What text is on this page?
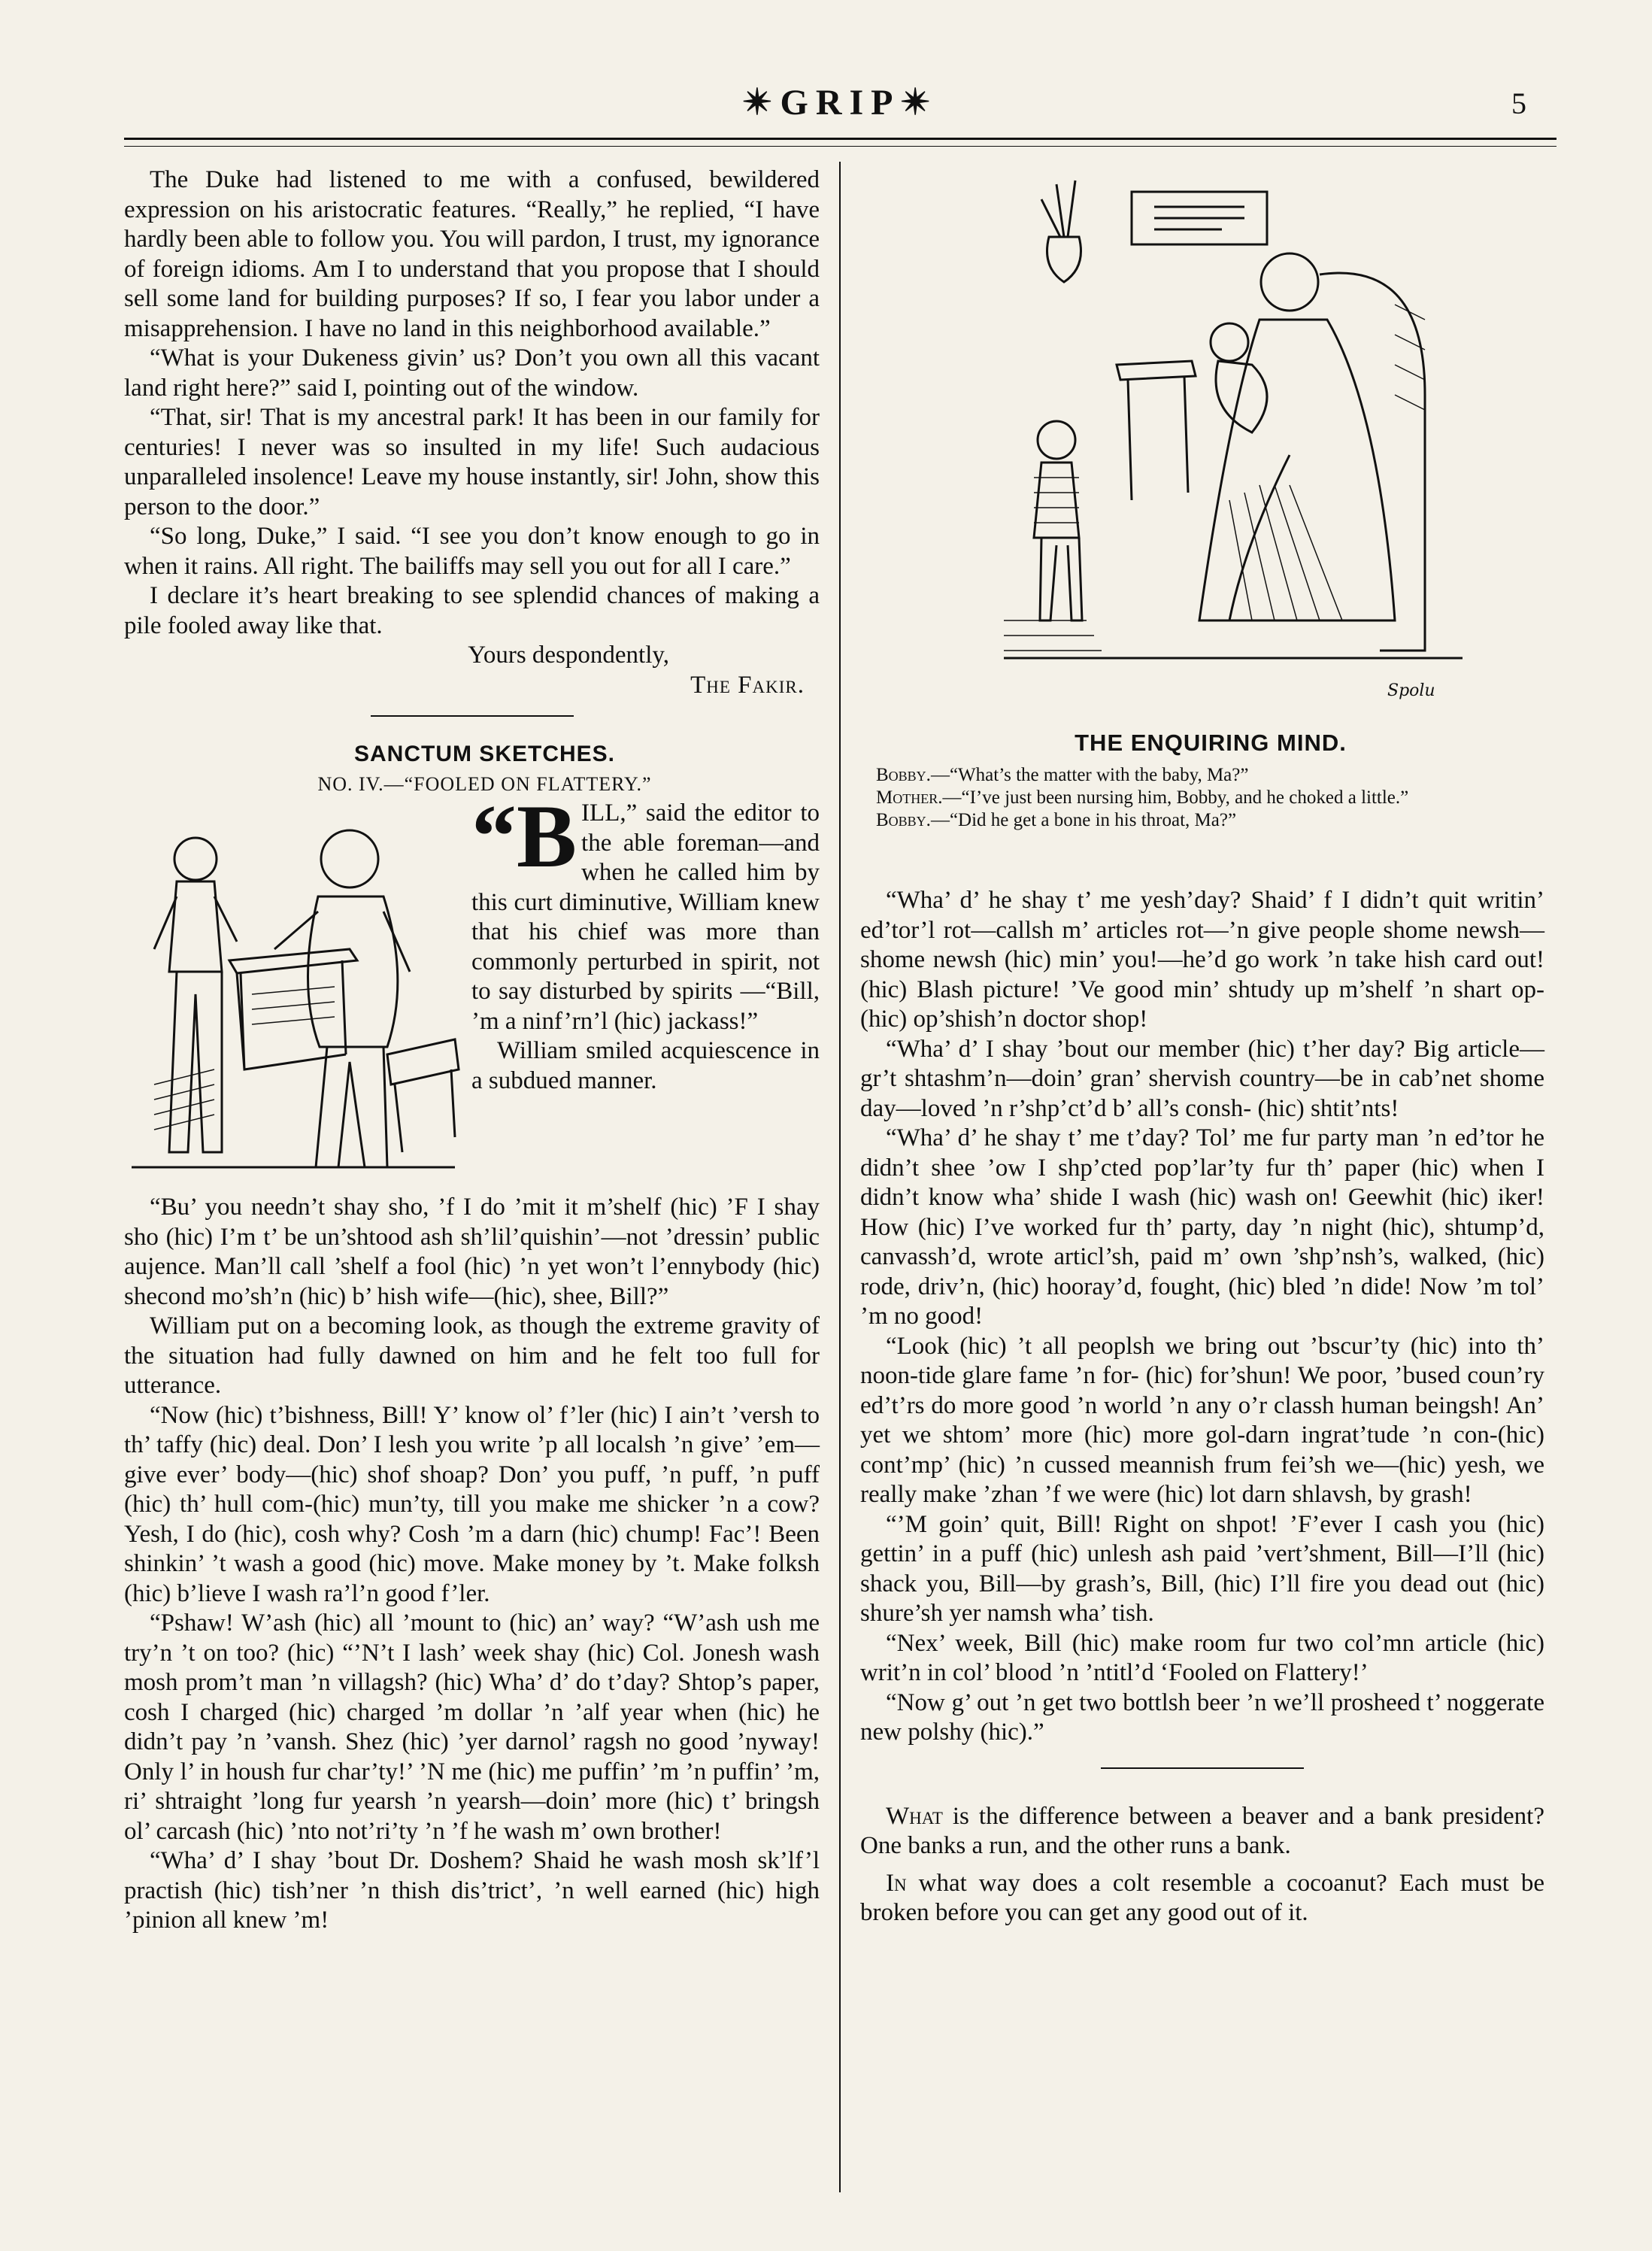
✴GRIP✴	5

The Duke had listened to me with a confused, bewildered expression on his aristocratic features. “Really,” he replied, “I have hardly been able to follow you. You will pardon, I trust, my ignorance of foreign idioms. Am I to understand that you propose that I should sell some land for building purposes? If so, I fear you labor under a misapprehension. I have no land in this neighborhood available.”

“What is your Dukeness givin’ us? Don’t you own all this vacant land right here?” said I, pointing out of the window.

“That, sir! That is my ancestral park! It has been in our family for centuries! I never was so insulted in my life! Such audacious unparalleled insolence! Leave my house instantly, sir! John, show this person to the door.”

“So long, Duke,” I said. “I see you don’t know enough to go in when it rains. All right. The bailiffs may sell you out for all I care.”

I declare it’s heart breaking to see splendid chances of making a pile fooled away like that.

Yours despondently,

The Fakir.

SANCTUM SKETCHES.

NO. IV.—“FOOLED ON FLATTERY.”

“B ILL,” said the editor to the able foreman—and when he called him by this curt diminutive, William knew that his chief was more than commonly perturbed in spirit, not to say disturbed by spirits —“Bill, ’m a ninf’rn’l (hic) jackass!”

William smiled acquiescence in a subdued manner.

“Bu’ you needn’t shay sho, ’f I do ’mit it m’shelf (hic) ’F I shay sho (hic) I’m t’ be un’shtood ash sh’lil’quishin’—not ’dressin’ public aujence. Man’ll call ’shelf a fool (hic) ’n yet won’t l’ennybody (hic) shecond mo’sh’n (hic) b’ hish wife—(hic), shee, Bill?”

William put on a becoming look, as though the extreme gravity of the situation had fully dawned on him and he felt too full for utterance.

“Now (hic) t’bishness, Bill! Y’ know ol’ f’ler (hic) I ain’t ’versh to th’ taffy (hic) deal. Don’ I lesh you write ’p all localsh ’n give’ ’em—give ever’ body—(hic) shof shoap? Don’ you puff, ’n puff, ’n puff (hic) th’ hull com-(hic) mun’ty, till you make me shicker ’n a cow? Yesh, I do (hic), cosh why? Cosh ’m a darn (hic) chump! Fac’! Been shinkin’ ’t wash a good (hic) move. Make money by ’t. Make folksh (hic) b’lieve I wash ra’l’n good f’ler.

“Pshaw! W’ash (hic) all ’mount to (hic) an’ way? “W’ash ush me try’n ’t on too? (hic) “’N’t I lash’ week shay (hic) Col. Jonesh wash mosh prom’t man ’n villagsh? (hic) Wha’ d’ do t’day? Shtop’s paper, cosh I charged (hic) charged ’m dollar ’n ’alf year when (hic) he didn’t pay ’n ’vansh. Shez (hic) ’yer darnol’ ragsh no good ’nyway! Only l’ in housh fur char’ty!’ ’N me (hic) me puffin’ ’m ’n puffin’ ’m, ri’ shtraight ’long fur yearsh ’n yearsh—doin’ more (hic) t’ bringsh ol’ carcash (hic) ’nto not’ri’ty ’n ’f he wash m’ own brother!

“Wha’ d’ I shay ’bout Dr. Doshem? Shaid he wash mosh sk’lf’l practish (hic) tish’ner ’n thish dis’trict’, ’n well earned (hic) high ’pinion all knew ’m!

Spolu

THE ENQUIRING MIND.

Bobby.—“What’s the matter with the baby, Ma?”

Mother.—“I’ve just been nursing him, Bobby, and he choked a little.”

Bobby.—“Did he get a bone in his throat, Ma?”

“Wha’ d’ he shay t’ me yesh’day? Shaid’ f I didn’t quit writin’ ed’tor’l rot—callsh m’ articles rot—’n give people shome newsh—shome newsh (hic) min’ you!—he’d go work ’n take hish card out! (hic) Blash picture! ’Ve good min’ shtudy up m’shelf ’n shart op- (hic) op’shish’n doctor shop!

“Wha’ d’ I shay ’bout our member (hic) t’her day? Big article—gr’t shtashm’n—doin’ gran’ shervish country—be in cab’net shome day—loved ’n r’shp’ct’d b’ all’s consh- (hic) shtit’nts!

“Wha’ d’ he shay t’ me t’day? Tol’ me fur party man ’n ed’tor he didn’t shee ’ow I shp’cted pop’lar’ty fur th’ paper (hic) when I didn’t know wha’ shide I wash (hic) wash on! Geewhit (hic) iker! How (hic) I’ve worked fur th’ party, day ’n night (hic), shtump’d, canvassh’d, wrote articl’sh, paid m’ own ’shp’nsh’s, walked, (hic) rode, driv’n, (hic) hooray’d, fought, (hic) bled ’n dide! Now ’m tol’ ’m no good!

“Look (hic) ’t all peoplsh we bring out ’bscur’ty (hic) into th’ noon-tide glare fame ’n for- (hic) for’shun! We poor, ’bused coun’ry ed’t’rs do more good ’n world ’n any o’r classh human beingsh! An’ yet we shtom’ more (hic) more gol-darn ingrat’tude ’n con-(hic) cont’mp’ (hic) ’n cussed meannish frum fei’sh we—(hic) yesh, we really make ’zhan ’f we were (hic) lot darn shlavsh, by grash!

“’M goin’ quit, Bill! Right on shpot! ’F’ever I cash you (hic) gettin’ in a puff (hic) unlesh ash paid ’vert’shment, Bill—I’ll (hic) shack you, Bill—by grash’s, Bill, (hic) I’ll fire you dead out (hic) shure’sh yer namsh wha’ tish.

“Nex’ week, Bill (hic) make room fur two col’mn article (hic) writ’n in col’ blood ’n ’ntitl’d ‘Fooled on Flattery!’

“Now g’ out ’n get two bottlsh beer ’n we’ll prosheed t’ noggerate new polshy (hic).”

What is the difference between a beaver and a bank president? One banks a run, and the other runs a bank.

In what way does a colt resemble a cocoanut? Each must be broken before you can get any good out of it.
